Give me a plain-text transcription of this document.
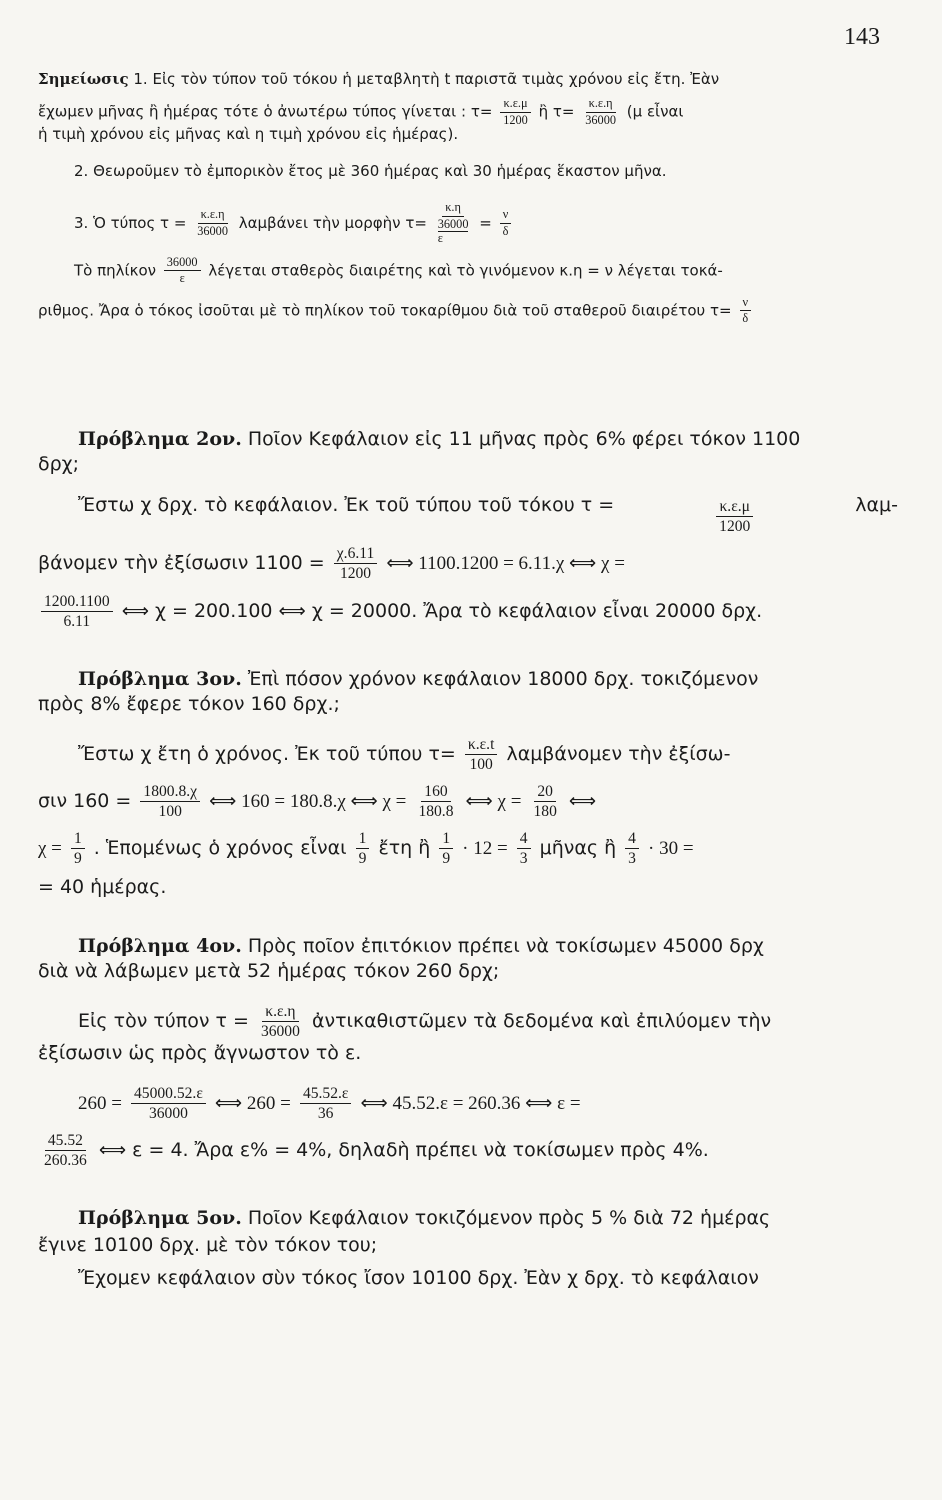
143
Σημείωσις 1. Εἰς τὸν τύπον τοῦ τόκου ἡ μεταβλητὴ t παριστᾶ τιμὰς χρόνου εἰς ἔτη. Ἐὰν
ἔχωμεν μῆνας ἢ ἡμέρας τότε ὁ ἀνωτέρω τύπος γίνεται : $\tau= \frac{\kappa.\varepsilon.\mu}{1200}$ ἢ $\tau= \frac{\kappa.\varepsilon.\eta}{36000} (\mu$ εἶναι
ἡ τιμὴ χρόνου εἰς μῆνας καὶ η τιμὴ χρόνου εἰς ἡμέρας).
2. Θεωροῦμεν τὸ ἐμπορικὸν ἔτος μὲ 360 ἡμέρας καὶ 30 ἡμέρας ἕκαστον μῆνα.
3. Ὁ τύπος $\tau = \frac{\kappa.\varepsilon.\eta}{36000}$ λαμβάνει τὴν μορφὴν τ= κ.η
36000
$\varepsilon = \frac{\nu}{\delta}$
Τὸ πηλίκον $\frac{36000}{\varepsilon}$ λέγεται σταθερὸς διαιρέτης καὶ τὸ γινόμενον κ.η = ν λέγεται τοκά-
ριθμος. Ἄρα ὁ τόκος ἰσοῦται μὲ τὸ πηλίκον τοῦ τοκαρίθμου διὰ τοῦ σταθεροῦ διαιρέτου $\tau= \frac{\nu}{\delta}$
Πρόβλημα 2ον. Ποῖον Κεφάλαιον εἰς 11 μῆνας πρὸς 6% φέρει τόκον 1100
δρχ;
Ἔστω χ δρχ. τὸ κεφάλαιον. Ἐκ τοῦ τύπου τοῦ τόκου τ =	$\frac{\kappa.\varepsilon.\mu}{1200}$	λαμ-
βάνομεν τὴν ἐξίσωσιν $1100 = \frac{\chi.6.11}{1200}$ ⟺ 1100.1200 = 6.11.χ ⟺ χ =
$\frac{1200.1100}{6.11}$ ⟺ χ = 200.100 ⟺ χ = 20000. Ἄρα τὸ κεφάλαιον εἶναι 20000 δρχ.
Πρόβλημα 3ον. Ἐπὶ πόσον χρόνον κεφάλαιον 18000 δρχ. τοκιζόμενον
πρὸς 8% ἔφερε τόκον 160 δρχ.;
Ἔστω χ ἔτη ὁ χρόνος. Ἐκ τοῦ τύπου $\tau= \frac{\kappa.\varepsilon.t}{100}$ λαμβάνομεν τὴν ἐξίσω-
σιν $160 = \frac{1800.8.\chi}{100}$ ⟺ 160 = 180.8.χ ⟺ $\chi = \frac{160}{180.8}$ ⟺ $\chi = \frac{20}{180}$ ⟺
$\chi = \frac{1}{9}$ . Ἑπομένως ὁ χρόνος εἶναι $\frac{1}{9}$ ἔτη ἢ $\frac{1}{9} \cdot 12 = \frac{4}{3}$ μῆνας ἢ $\frac{4}{3} \cdot 30$ =
= 40 ἡμέρας.
Πρόβλημα 4ον. Πρὸς ποῖον ἐπιτόκιον πρέπει νὰ τοκίσωμεν 45000 δρχ
διὰ νὰ λάβωμεν μετὰ 52 ἡμέρας τόκον 260 δρχ;
Εἰς τὸν τύπον $\tau = \frac{\kappa.\varepsilon.\eta}{36000}$ ἀντικαθιστῶμεν τὰ δεδομένα καὶ ἐπιλύομεν τὴν
ἐξίσωσιν ὡς πρὸς ἄγνωστον τὸ ε.
$260 = \frac{45000.52.\varepsilon}{36000}$ ⟺ $260 = \frac{45.52.\varepsilon}{36}$ ⟺ 45.52.ε = 260.36 ⟺ ε =
$\frac{45.52}{260.36}$ ⟺ ε = 4. Ἄρα ε% = 4%, δηλαδὴ πρέπει νὰ τοκίσωμεν πρὸς 4%.
Πρόβλημα 5ον. Ποῖον Κεφάλαιον τοκιζόμενον πρὸς 5 % διὰ 72 ἡμέρας
ἔγινε 10100 δρχ. μὲ τὸν τόκον του;
Ἔχομεν κεφάλαιον σὺν τόκος ἴσον 10100 δρχ. Ἐὰν χ δρχ. τὸ κεφάλαιον
